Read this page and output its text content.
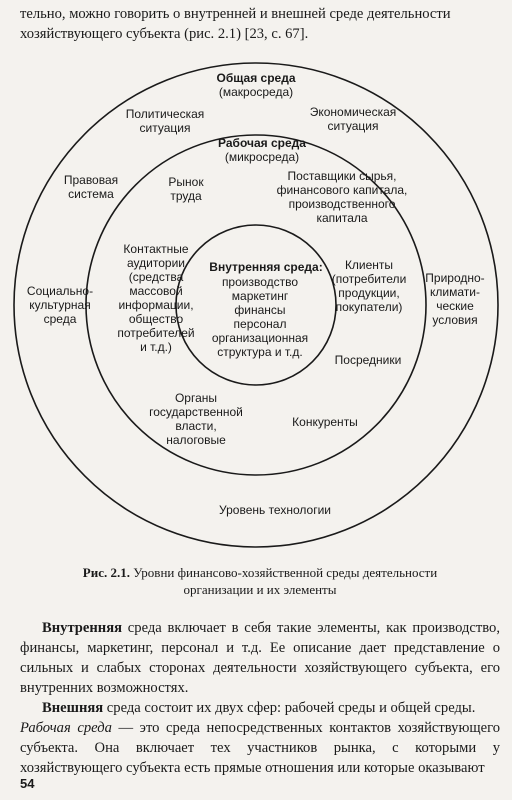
тельно, можно говорить о внутренней и внешней среде деятельности

хозяйствующего субъекта (рис. 2.1) [23, с. 67].

Общая среда
(макросреда)
Политическая ситуация
Экономическая ситуация
Правовая система
Социально-культурная среда
Природно-климати-ческие условия
Уровень технологии
Рабочая среда
(микросреда)
Рынок труда
Поставщики сырья, финансового капитала, производственного капитала
Контактные аудитории (средства массовой информации, общество потребителей и т.д.)
Клиенты (потребители продукции, покупатели)
Посредники
Органы государственной власти, налоговые
Конкуренты
Внутренняя среда:
производство маркетинг финансы персонал организационная структура и т.д.
Рис. 2.1. Уровни финансово-хозяйственной среды деятельности
организации и их элементы

Внутренняя среда включает в себя такие элементы, как производство, финансы, маркетинг, персонал и т.д. Ее описание дает представление о сильных и слабых сторонах деятельности хозяйствующего субъекта, его внутренних возможностях.

Внешняя среда состоит их двух сфер: рабочей среды и общей среды.

Рабочая среда — это среда непосредственных контактов хозяйствующего субъекта. Она включает тех участников рынка, с которыми у хозяйствующего субъекта есть прямые отношения или которые оказывают

54
